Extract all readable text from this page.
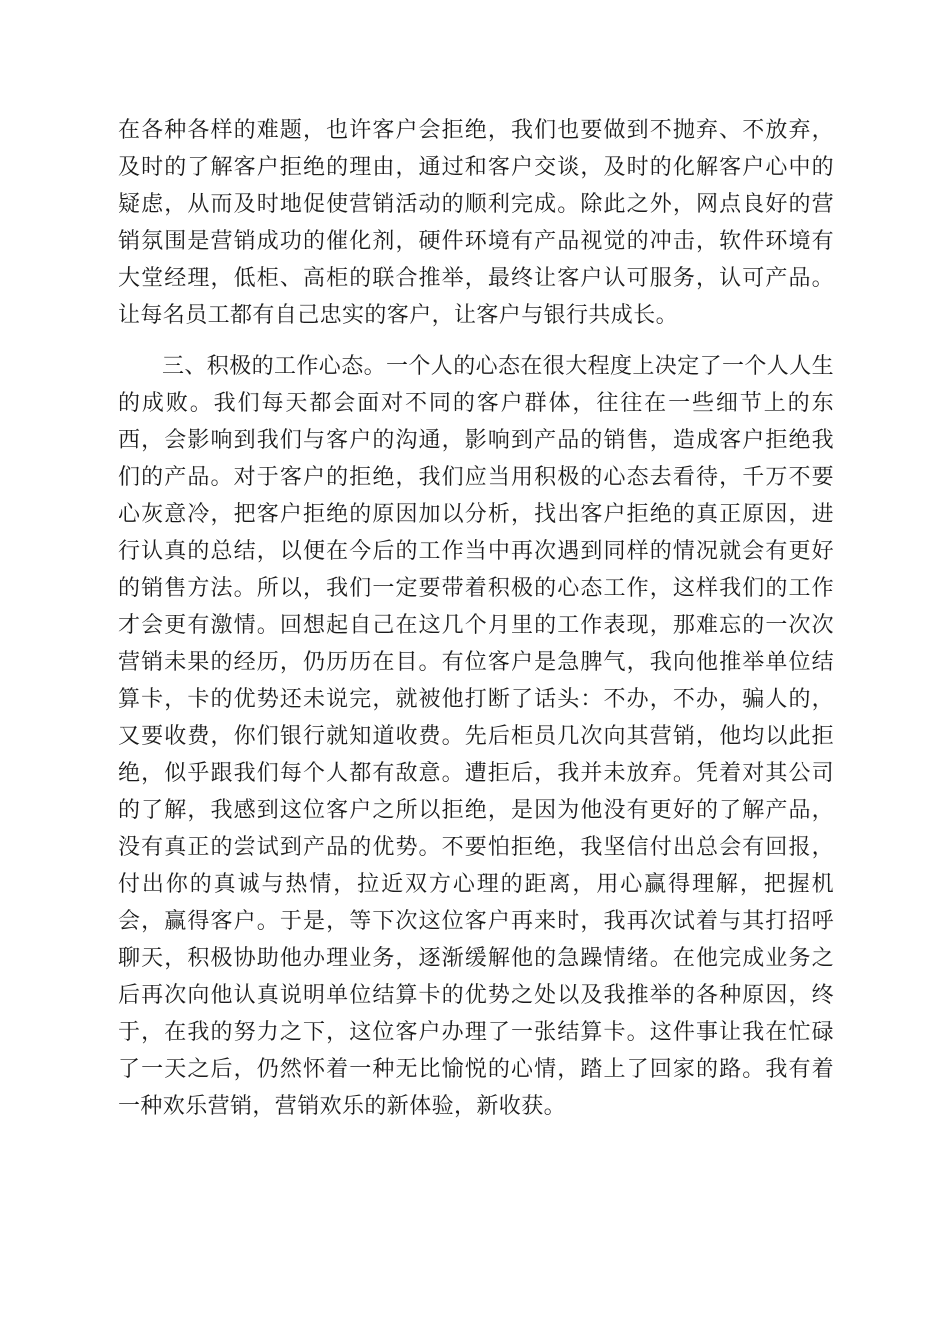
在各种各样的难题，也许客户会拒绝，我们也要做到不抛弃、不放弃，及时的了解客户拒绝的理由，通过和客户交谈，及时的化解客户心中的疑虑，从而及时地促使营销活动的顺利完成。除此之外，网点良好的营销氛围是营销成功的催化剂，硬件环境有产品视觉的冲击，软件环境有大堂经理，低柜、高柜的联合推举，最终让客户认可服务，认可产品。让每名员工都有自己忠实的客户，让客户与银行共成长。

三、积极的工作心态。一个人的心态在很大程度上决定了一个人人生的成败。我们每天都会面对不同的客户群体，往往在一些细节上的东西，会影响到我们与客户的沟通，影响到产品的销售，造成客户拒绝我们的产品。对于客户的拒绝，我们应当用积极的心态去看待，千万不要心灰意冷，把客户拒绝的原因加以分析，找出客户拒绝的真正原因，进行认真的总结，以便在今后的工作当中再次遇到同样的情况就会有更好的销售方法。所以，我们一定要带着积极的心态工作，这样我们的工作才会更有激情。回想起自己在这几个月里的工作表现，那难忘的一次次营销未果的经历，仍历历在目。有位客户是急脾气，我向他推举单位结算卡，卡的优势还未说完，就被他打断了话头：不办，不办，骗人的，又要收费，你们银行就知道收费。先后柜员几次向其营销，他均以此拒绝，似乎跟我们每个人都有敌意。遭拒后，我并未放弃。凭着对其公司的了解，我感到这位客户之所以拒绝，是因为他没有更好的了解产品，没有真正的尝试到产品的优势。不要怕拒绝，我坚信付出总会有回报，付出你的真诚与热情，拉近双方心理的距离，用心赢得理解，把握机会，赢得客户。于是，等下次这位客户再来时，我再次试着与其打招呼聊天，积极协助他办理业务，逐渐缓解他的急躁情绪。在他完成业务之后再次向他认真说明单位结算卡的优势之处以及我推举的各种原因，终于，在我的努力之下，这位客户办理了一张结算卡。这件事让我在忙碌了一天之后，仍然怀着一种无比愉悦的心情，踏上了回家的路。我有着一种欢乐营销，营销欢乐的新体验，新收获。
